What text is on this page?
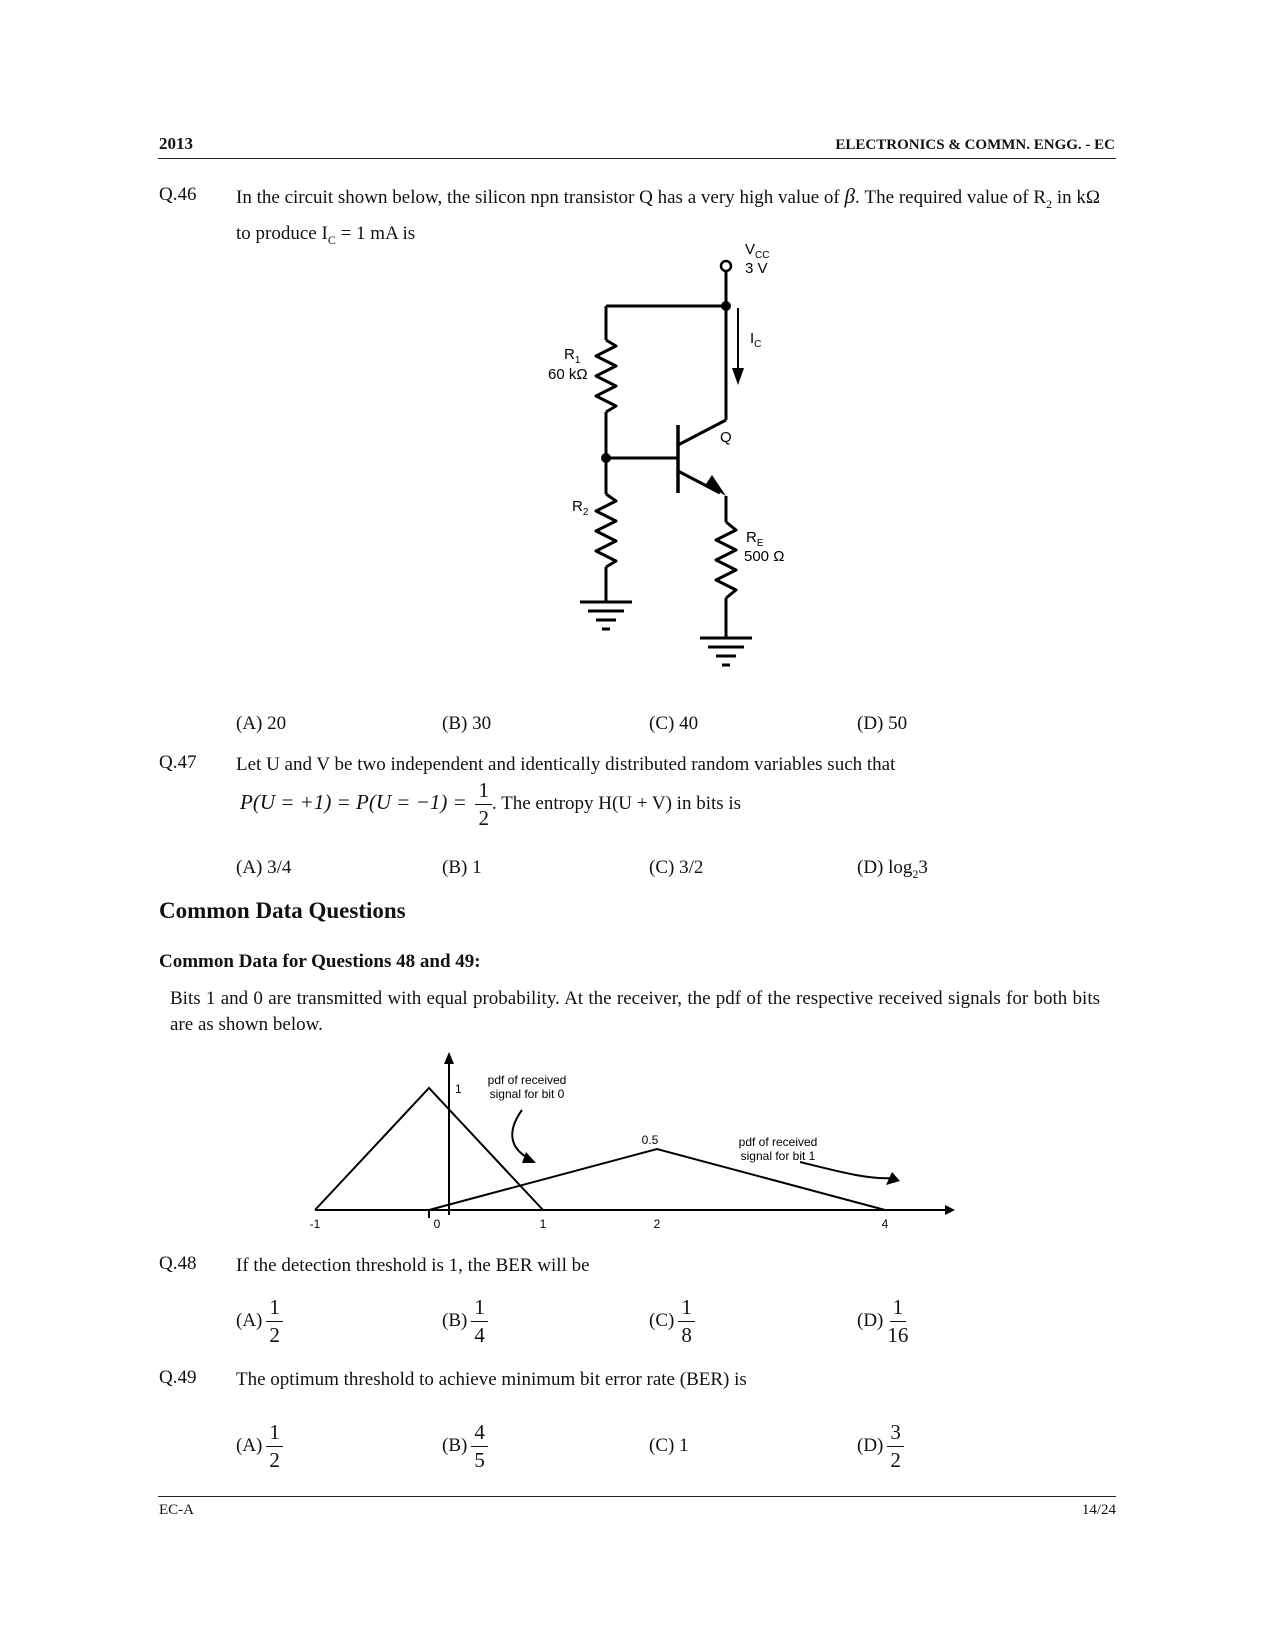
2013	ELECTRONICS & COMMN. ENGG. - EC
Q.46 In the circuit shown below, the silicon npn transistor Q has a very high value of β. The required value of $R_2$ in kΩ to produce $I_C = 1$ mA is
$V_{CC}$
3 V
$I_C$
$R_1$
60 kΩ
$R_2$
Q
$R_E$
500 Ω
(A) 20	(B) 30	(C) 40	(D) 50
Q.47 Let U and V be two independent and identically distributed random variables such that
$P(U = +1) = P(U = -1) = \frac{1}{2}$ . The entropy H(U + V) in bits is
(A) 3/4	(B) 1	(C) 3/2	(D) $\log_23$
Common Data Questions
Common Data for Questions 48 and 49:
Bits 1 and 0 are transmitted with equal probability. At the receiver, the pdf of the respective received signals for both bits are as shown below.
1
0.5
pdf of received
signal for bit 0
pdf of received
signal for bit 1
-1	0	1	2	4
Q.48 If the detection threshold is 1, the BER will be
$(A) \frac{1}{2}$	$(B) \frac{1}{4}$	$(C) \frac{1}{8}$	$(D) \frac{1}{16}$
Q.49 The optimum threshold to achieve minimum bit error rate (BER) is
$(A) \frac{1}{2}$	$(B) \frac{4}{5}$	(C) 1	$(D) \frac{3}{2}$
EC-A	14/24
